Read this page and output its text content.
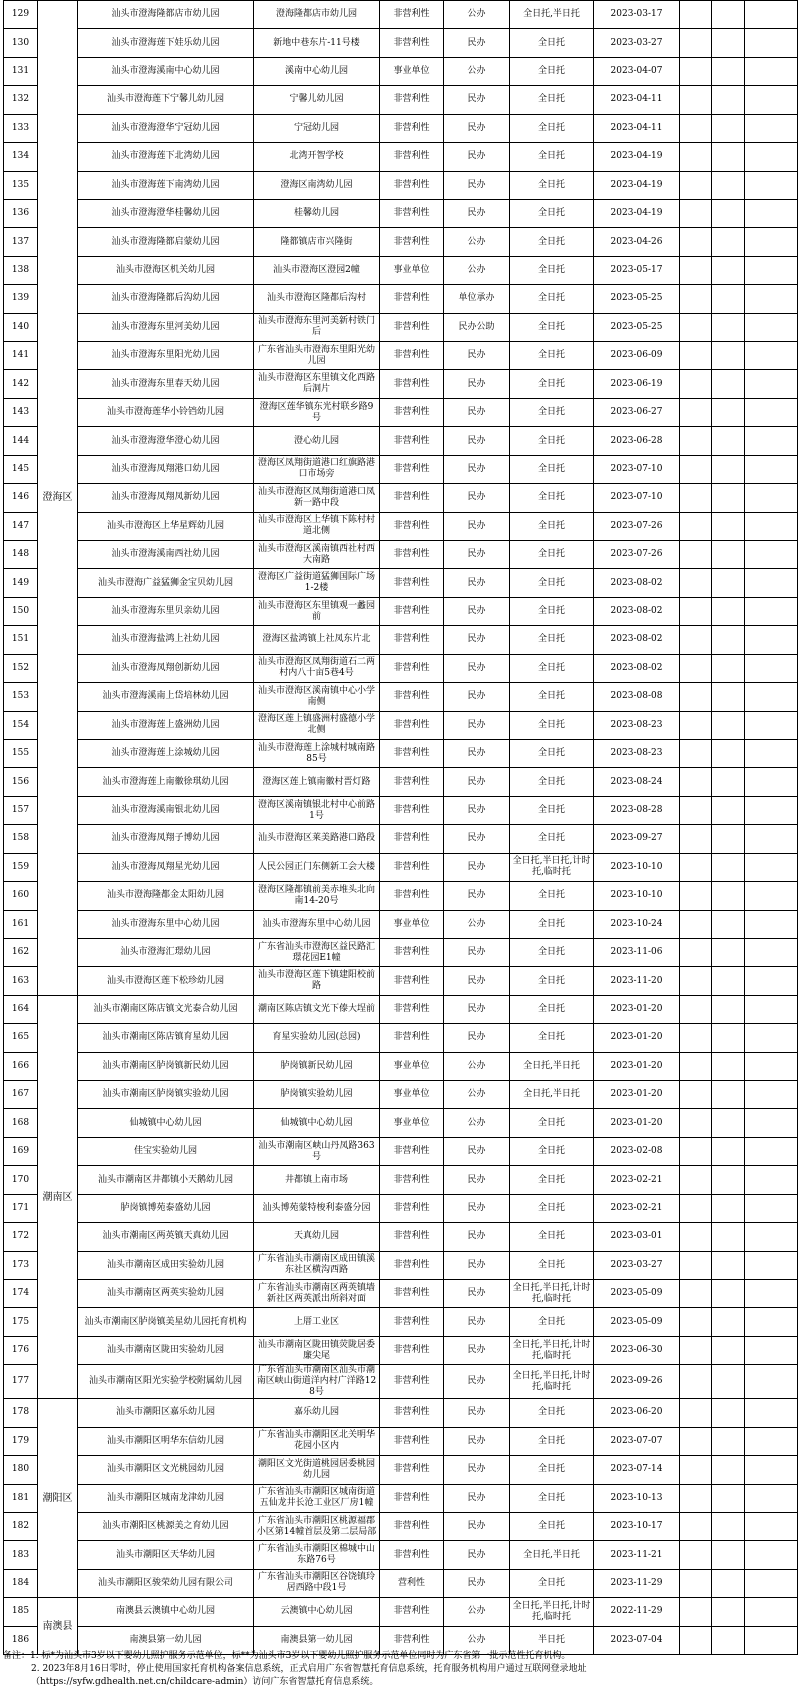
129	澄海区	汕头市澄海隆都店市幼儿园	澄海隆都店市幼儿园	非营利性	公办	全日托,半日托	2023-03-17			
130		汕头市澄海莲下娃乐幼儿园	新地中巷东片-11号楼	非营利性	民办	全日托	2023-03-27			
131		汕头市澄海溪南中心幼儿园	溪南中心幼儿园	事业单位	公办	全日托	2023-04-07			
132		汕头市澄海莲下宁馨儿幼儿园	宁馨儿幼儿园	非营利性	民办	全日托	2023-04-11			
133		汕头市澄海澄华宁冠幼儿园	宁冠幼儿园	非营利性	民办	全日托	2023-04-11			
134		汕头市澄海莲下北湾幼儿园	北湾开智学校	非营利性	民办	全日托	2023-04-19			
135		汕头市澄海莲下南湾幼儿园	澄海区南湾幼儿园	非营利性	民办	全日托	2023-04-19			
136		汕头市澄海澄华桂馨幼儿园	桂馨幼儿园	非营利性	民办	全日托	2023-04-19			
137		汕头市澄海隆都启蒙幼儿园	隆都镇店市兴隆街	非营利性	公办	全日托	2023-04-26			
138		汕头市澄海区机关幼儿园	汕头市澄海区澄园2幢	事业单位	公办	全日托	2023-05-17			
139		汕头市澄海隆都后沟幼儿园	汕头市澄海区隆都后沟村	非营利性	单位承办	全日托	2023-05-25			
140		汕头市澄海东里河美幼儿园	汕头市澄海东里河美新村铁门后	非营利性	民办公助	全日托	2023-05-25			
141		汕头市澄海东里阳光幼儿园	广东省汕头市澄海东里阳光幼儿园	非营利性	民办	全日托	2023-06-09			
142		汕头市澄海东里春天幼儿园	汕头市澄海区东里镇文化西路后洞片	非营利性	民办	全日托	2023-06-19			
143		汕头市澄海莲华小铃铛幼儿园	澄海区莲华镇东光村联乡路9号	非营利性	民办	全日托	2023-06-27			
144		汕头市澄海澄华澄心幼儿园	澄心幼儿园	非营利性	民办	全日托	2023-06-28			
145		汕头市澄海凤翔港口幼儿园	澄海区凤翔街道港口红旗路港口市场旁	非营利性	民办	全日托	2023-07-10			
146		汕头市澄海凤翔凤新幼儿园	汕头市澄海区凤翔街道港口凤新一路中段	非营利性	民办	全日托	2023-07-10			
147		汕头市澄海区上华星辉幼儿园	汕头市澄海区上华镇下陈村村道北侧	非营利性	民办	全日托	2023-07-26			
148		汕头市澄海溪南西社幼儿园	汕头市澄海区溪南镇西社村西大南路	非营利性	民办	全日托	2023-07-26			
149		汕头市澄海广益猛狮金宝贝幼儿园	澄海区广益街道猛狮国际广场1-2楼	非营利性	民办	全日托	2023-08-02			
150		汕头市澄海东里贝亲幼儿园	汕头市澄海区东里镇观一蠡园前	非营利性	民办	全日托	2023-08-02			
151		汕头市澄海盐鸿上社幼儿园	澄海区盐鸿镇上社凤东片北	非营利性	民办	全日托	2023-08-02			
152		汕头市澄海凤翔创新幼儿园	汕头市澄海区凤翔街道石二两村内八十亩5巷4号	非营利性	民办	全日托	2023-08-02			
153		汕头市澄海溪南上岱培林幼儿园	汕头市澄海区溪南镇中心小学南侧	非营利性	民办	全日托	2023-08-08			
154		汕头市澄海莲上盛洲幼儿园	澄海区莲上镇盛洲村盛德小学北侧	非营利性	民办	全日托	2023-08-23			
155		汕头市澄海莲上涂城幼儿园	汕头市澄海莲上涂城村城南路85号	非营利性	民办	全日托	2023-08-23			
156		汕头市澄海莲上南徽徐琪幼儿园	澄海区莲上镇南徽村晋灯路	非营利性	民办	全日托	2023-08-24			
157		汕头市澄海溪南银北幼儿园	澄海区溪南镇银北村中心前路1号	非营利性	民办	全日托	2023-08-28			
158		汕头市澄海凤翔子博幼儿园	汕头市澄海区莱美路港口路段	非营利性	民办	全日托	2023-09-27			
159		汕头市澄海凤翔星光幼儿园	人民公园正门东侧新工会大楼	非营利性	民办	全日托,半日托,计时托,临时托	2023-10-10			
160		汕头市澄海隆都金太阳幼儿园	澄海区隆都镇前美赤堆头北向南14-20号	非营利性	民办	全日托	2023-10-10			
161		汕头市澄海东里中心幼儿园	汕头市澄海东里中心幼儿园	事业单位	公办	全日托	2023-10-24			
162		汕头市澄海汇璟幼儿园	广东省汕头市澄海区益民路汇璟花园E1幢	非营利性	民办	全日托	2023-11-06			
163		汕头市澄海区莲下松珍幼儿园	汕头市澄海区莲下镇建阳校前路	非营利性	民办	全日托	2023-11-20			
164	潮南区	汕头市潮南区陈店镇文光泰合幼儿园	潮南区陈店镇文光下傣大埕前	非营利性	民办	全日托	2023-01-20			
165		汕头市潮南区陈店镇育星幼儿园	育星实验幼儿园(总园)	非营利性	民办	全日托	2023-01-20			
166		汕头市潮南区胪岗镇新民幼儿园	胪岗镇新民幼儿园	事业单位	公办	全日托,半日托	2023-01-20			
167		汕头市潮南区胪岗镇实验幼儿园	胪岗镇实验幼儿园	事业单位	公办	全日托,半日托	2023-01-20			
168		仙城镇中心幼儿园	仙城镇中心幼儿园	事业单位	公办	全日托	2023-01-20			
169		佳宝实验幼儿园	汕头市潮南区峡山丹凤路363号	非营利性	民办	全日托	2023-02-08			
170		汕头市潮南区井都镇小天鹅幼儿园	井都镇上南市场	非营利性	民办	全日托	2023-02-21			
171		胪岗镇博苑泰盛幼儿园	汕头博苑蒙特梭利泰盛分园	非营利性	民办	全日托	2023-02-21			
172		汕头市潮南区两英镇天真幼儿园	天真幼儿园	非营利性	民办	全日托	2023-03-01			
173		汕头市潮南区成田实验幼儿园	广东省汕头市潮南区成田镇溪东社区横沟西路	非营利性	民办	全日托	2023-03-27			
174		汕头市潮南区两英实验幼儿园	广东省汕头市潮南区两英镇墙新社区两英派出所斜对面	非营利性	民办	全日托,半日托,计时托,临时托	2023-05-09			
175		汕头市潮南区胪岗镇美星幼儿园托育机构	上厝工业区	非营利性	民办	全日托	2023-05-09			
176		汕头市潮南区陇田实验幼儿园	汕头市潮南区陇田镇荧陇居委廉尖尾	非营利性	民办	全日托,半日托,计时托,临时托	2023-06-30			
177		汕头市潮南区阳光实验学校附属幼儿园	广东省汕头市潮南区汕头市潮南区峡山街道洋内村广洋路128号	非营利性	民办	全日托,半日托,计时托,临时托	2023-09-26			
178	潮阳区	汕头市潮阳区嘉乐幼儿园	嘉乐幼儿园	非营利性	民办	全日托	2023-06-20			
179		汕头市潮阳区明华东信幼儿园	广东省汕头市潮阳区北关明华花园小区内	非营利性	民办	全日托	2023-07-07			
180		汕头市潮阳区文光桃园幼儿园	潮阳区文光街道桃园居委桃园幼儿园	非营利性	民办	全日托	2023-07-14			
181		汕头市潮阳区城南龙津幼儿园	广东省汕头市潮阳区城南街道五仙龙井长沧工业区厂房1幢	非营利性	民办	全日托	2023-10-13			
182		汕头市潮阳区桃源美之育幼儿园	广东省汕头市潮阳区桃源福郡小区第14幢首层及第二层局部	非营利性	民办	全日托	2023-10-17			
183		汕头市潮阳区天华幼儿园	广东省汕头市潮阳区棉城中山东路76号	非营利性	民办	全日托,半日托	2023-11-21			
184		汕头市潮阳区骏荣幼儿园有限公司	广东省汕头市潮阳区谷饶镇玲居西路中段1号	营利性	民办	全日托	2023-11-29			
185	南澳县	南澳县云澳镇中心幼儿园	云澳镇中心幼儿园	非营利性	公办	全日托,半日托,计时托,临时托	2022-11-29			
186		南澳县第一幼儿园	南澳县第一幼儿园	非营利性	公办	半日托	2023-07-04			
备注：1. 标*为汕头市3岁以下婴幼儿照护服务示范单位，标**为汕头市3岁以下婴幼儿照护服务示范单位同时为广东省第一批示范性托育机构。
2. 2023年8月16日零时，停止使用国家托育机构备案信息系统，正式启用广东省智慧托育信息系统，托育服务机构用户通过互联网登录地址
（https://syfw.gdhealth.net.cn/childcare-admin）访问广东省智慧托育信息系统。
